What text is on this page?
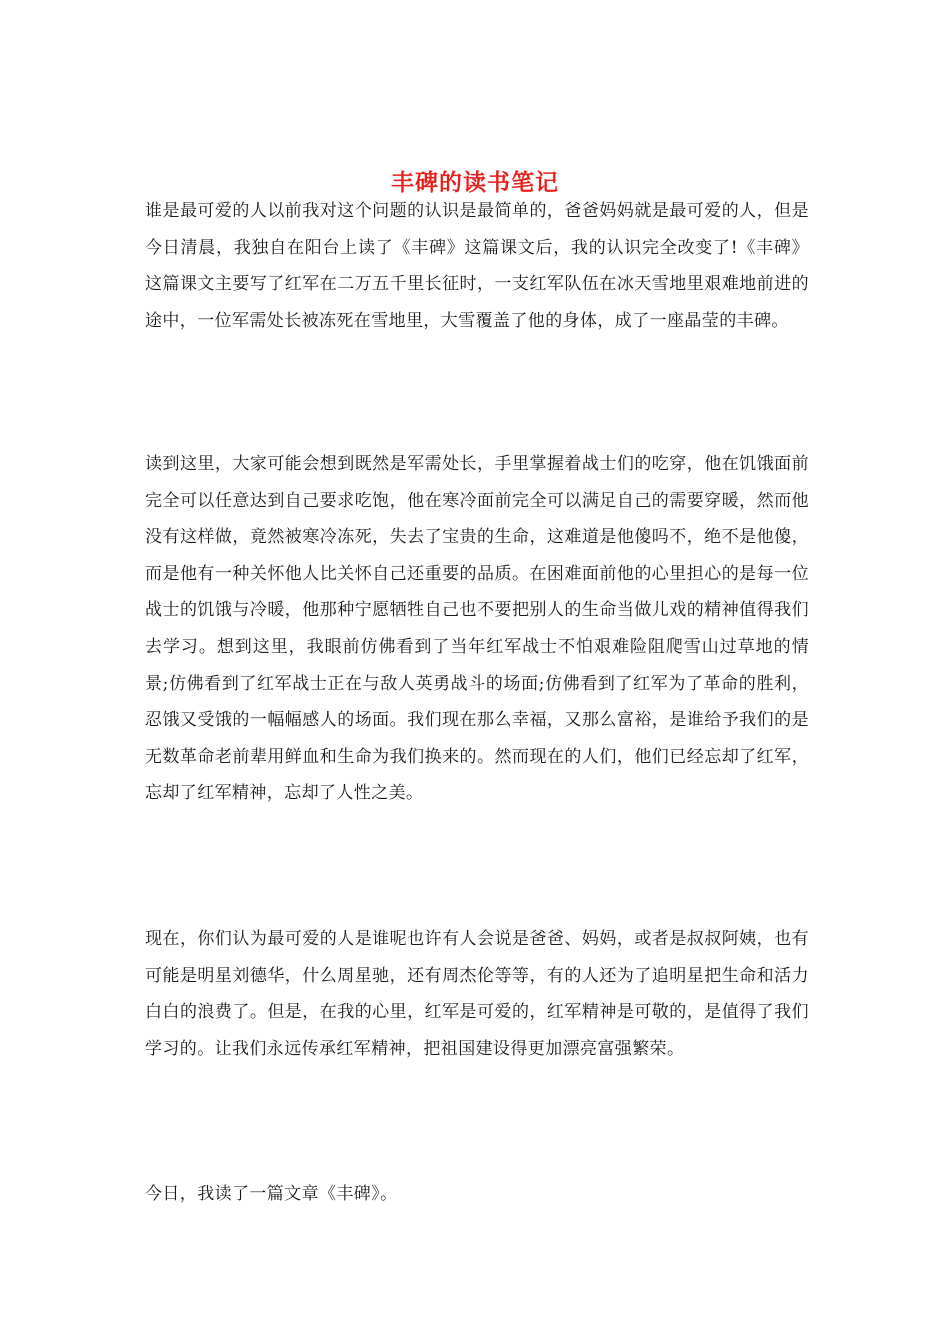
丰碑的读书笔记

谁是最可爱的人以前我对这个问题的认识是最简单的，爸爸妈妈就是最可爱的人，但是今日清晨，我独自在阳台上读了《丰碑》这篇课文后，我的认识完全改变了!《丰碑》这篇课文主要写了红军在二万五千里长征时，一支红军队伍在冰天雪地里艰难地前进的途中，一位军需处长被冻死在雪地里，大雪覆盖了他的身体，成了一座晶莹的丰碑。

读到这里，大家可能会想到既然是军需处长，手里掌握着战士们的吃穿，他在饥饿面前完全可以任意达到自己要求吃饱，他在寒冷面前完全可以满足自己的需要穿暖，然而他没有这样做，竟然被寒冷冻死，失去了宝贵的生命，这难道是他傻吗不，绝不是他傻，而是他有一种关怀他人比关怀自己还重要的品质。在困难面前他的心里担心的是每一位战士的饥饿与冷暖，他那种宁愿牺牲自己也不要把别人的生命当做儿戏的精神值得我们去学习。想到这里，我眼前仿佛看到了当年红军战士不怕艰难险阻爬雪山过草地的情景;仿佛看到了红军战士正在与敌人英勇战斗的场面;仿佛看到了红军为了革命的胜利，忍饿又受饿的一幅幅感人的场面。我们现在那么幸福，又那么富裕，是谁给予我们的是无数革命老前辈用鲜血和生命为我们换来的。然而现在的人们，他们已经忘却了红军，忘却了红军精神，忘却了人性之美。

现在，你们认为最可爱的人是谁呢也许有人会说是爸爸、妈妈，或者是叔叔阿姨，也有可能是明星刘德华，什么周星驰，还有周杰伦等等，有的人还为了追明星把生命和活力白白的浪费了。但是，在我的心里，红军是可爱的，红军精神是可敬的，是值得了我们学习的。让我们永远传承红军精神，把祖国建设得更加漂亮富强繁荣。

今日，我读了一篇文章《丰碑》。
